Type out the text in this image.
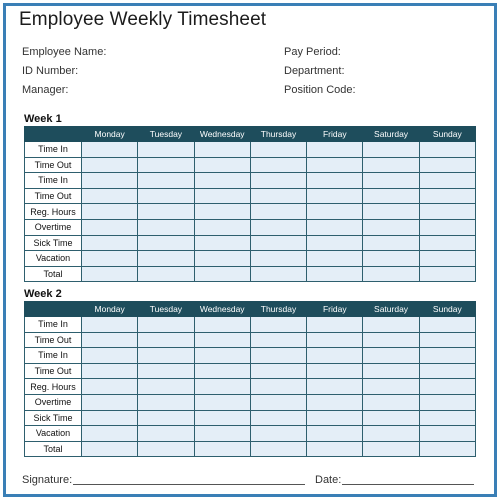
Employee Weekly Timesheet
Employee Name:
ID Number:
Manager:
Pay Period:
Department:
Position Code:
Week 1
	Monday	Tuesday	Wednesday	Thursday	Friday	Saturday	Sunday
Time In							
Time Out							
Time In							
Time Out							
Reg. Hours							
Overtime							
Sick Time							
Vacation							
Total							
Week 2
	Monday	Tuesday	Wednesday	Thursday	Friday	Saturday	Sunday
Time In							
Time Out							
Time In							
Time Out							
Reg. Hours							
Overtime							
Sick Time							
Vacation							
Total							
Signature:	Date:
